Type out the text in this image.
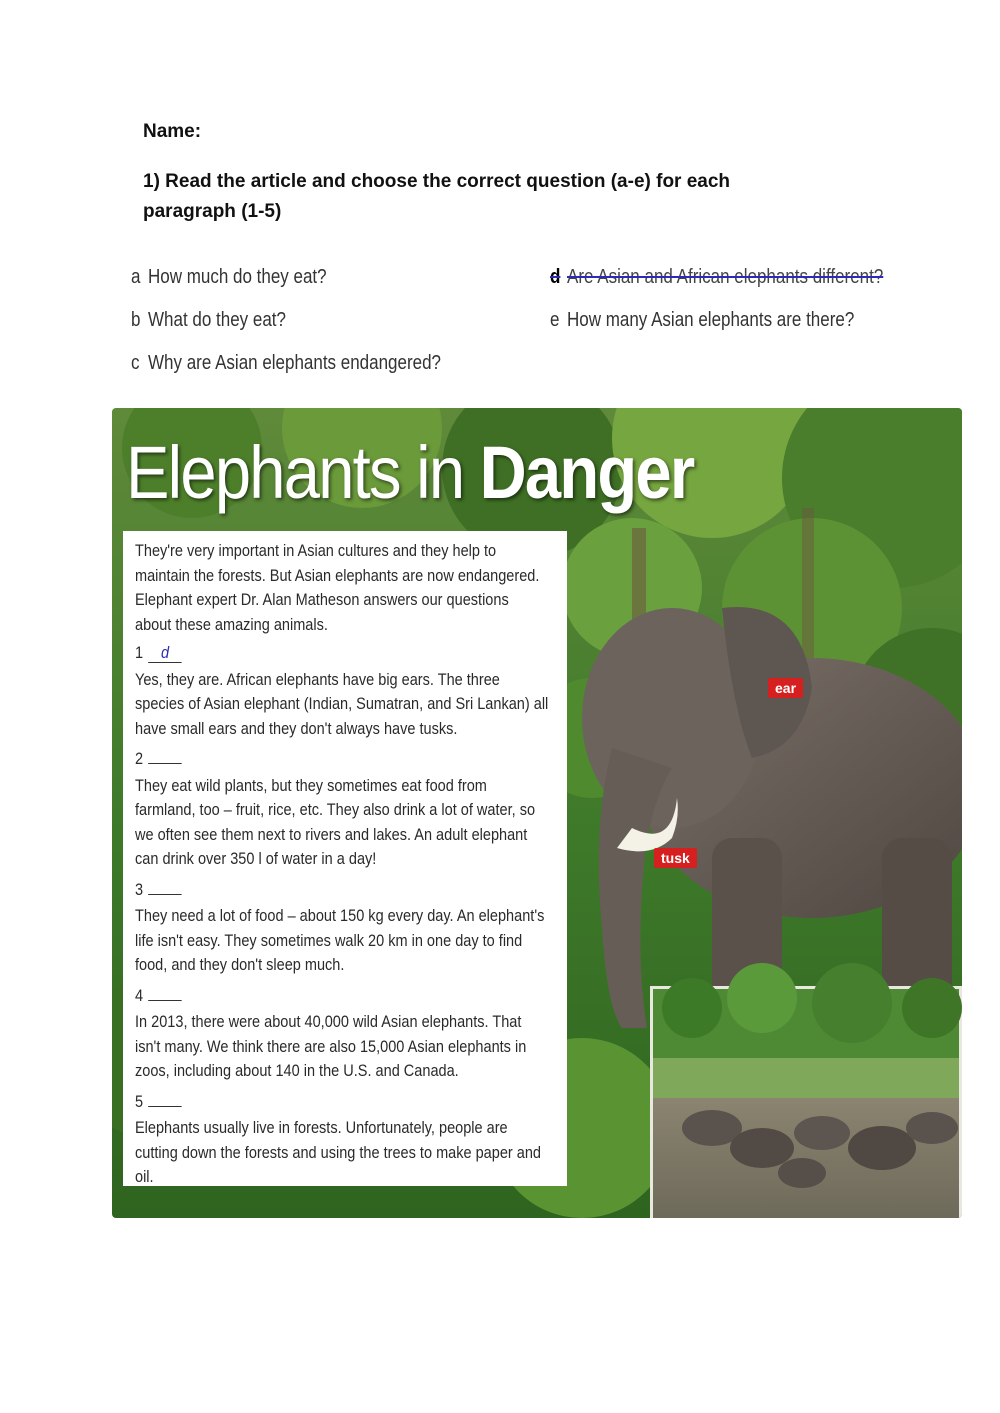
Name:
1) Read the article and choose the correct question (a-e) for each paragraph (1-5)
a How much do they eat?
b What do they eat?
c Why are Asian elephants endangered?
d Are Asian and African elephants different?
e How many Asian elephants are there?
Elephants in Danger

They're very important in Asian cultures and they help to maintain the forests. But Asian elephants are now endangered. Elephant expert Dr. Alan Matheson answers our questions about these amazing animals.

1 d

Yes, they are. African elephants have big ears. The three species of Asian elephant (Indian, Sumatran, and Sri Lankan) all have small ears and they don't always have tusks.

2

They eat wild plants, but they sometimes eat food from farmland, too – fruit, rice, etc. They also drink a lot of water, so we often see them next to rivers and lakes. An adult elephant can drink over 350 l of water in a day!

3

They need a lot of food – about 150 kg every day. An elephant's life isn't easy. They sometimes walk 20 km in one day to find food, and they don't sleep much.

4

In 2013, there were about 40,000 wild Asian elephants. That isn't many. We think there are also 15,000 Asian elephants in zoos, including about 140 in the U.S. and Canada.

5

Elephants usually live in forests. Unfortunately, people are cutting down the forests and using the trees to make paper and oil.

ear
tusk
